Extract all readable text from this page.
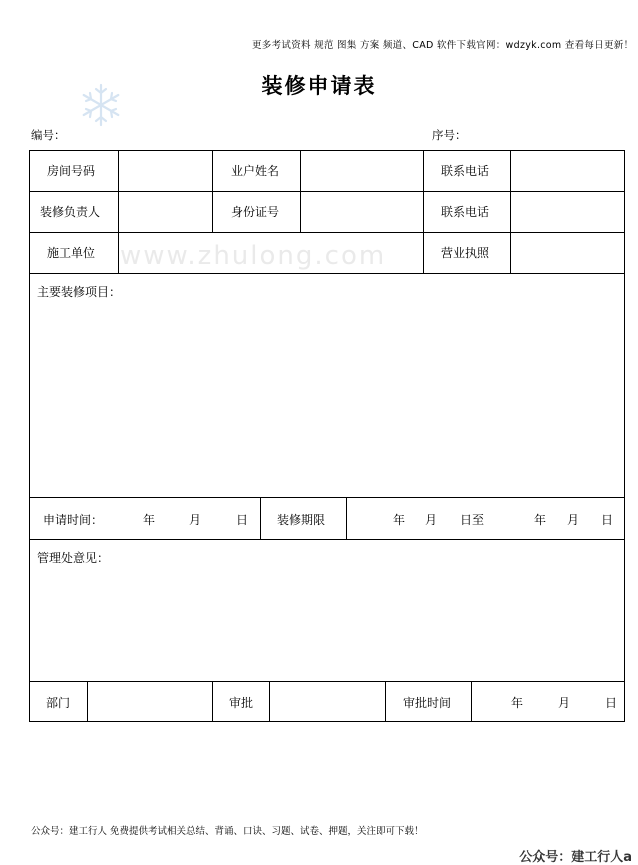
更多考试资料 规范 图集 方案 频道、CAD 软件下载官网：wdzyk.com 查看每日更新！
装修申请表
编号：	序号：
房间号码	业户姓名	联系电话
装修负责人	身份证号	联系电话
施工单位	营业执照
主要装修项目：
申请时间：	年	月	日 装修期限	年 月 日至	年 月 日
管理处意见：
部门	审批	审批时间	年	月	日
www.zhulong.com
公众号：建工行人 免费提供考试相关总结、背诵、口诀、习题、试卷、押题，关注即可下载！
公众号：建工行人a
